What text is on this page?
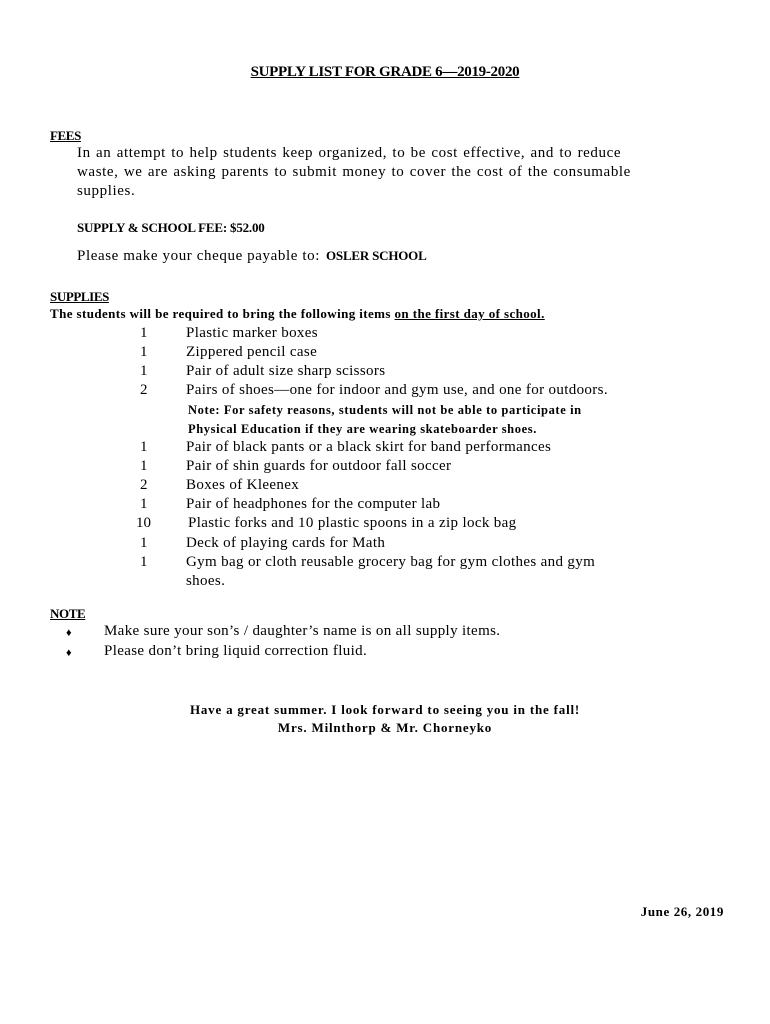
SUPPLY LIST FOR GRADE 6—2019-2020
FEES
In an attempt to help students keep organized, to be cost effective, and to reduce
waste, we are asking parents to submit money to cover the cost of the consumable
supplies.
SUPPLY & SCHOOL FEE: $52.00
Please make your cheque payable to: OSLER SCHOOL
SUPPLIES
The students will be required to bring the following items on the first day of school.
1	Plastic marker boxes
1	Zippered pencil case
1	Pair of adult size sharp scissors
2	Pairs of shoes—one for indoor and gym use, and one for outdoors.
Note: For safety reasons, students will not be able to participate in
Physical Education if they are wearing skateboarder shoes.
1	Pair of black pants or a black skirt for band performances
1	Pair of shin guards for outdoor fall soccer
2	Boxes of Kleenex
1	Pair of headphones for the computer lab
10	Plastic forks and 10 plastic spoons in a zip lock bag
1	Deck of playing cards for Math
1	Gym bag or cloth reusable grocery bag for gym clothes and gym
shoes.
NOTE
♦ Make sure your son’s / daughter’s name is on all supply items.
♦ Please don’t bring liquid correction fluid.
Have a great summer. I look forward to seeing you in the fall!
Mrs. Milnthorp & Mr. Chorneyko
June 26, 2019
